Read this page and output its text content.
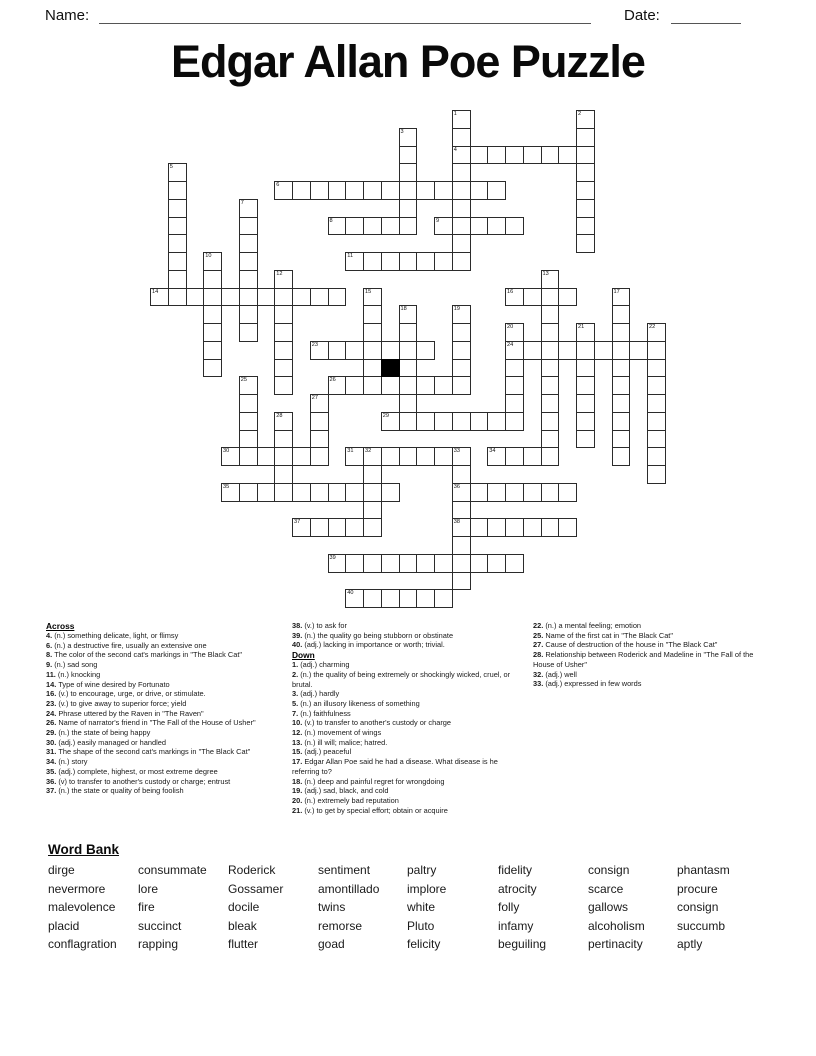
Name:	Date:
Edgar Allan Poe Puzzle
1
4
2
3
5
6
7
8	9
10	11
12	13
14	15	16	17
18	19
20
24
21	22
23
25	26
27
28	29
30	31 32	33
36
38
34
35
37
39
40
Across
4. (n.) something delicate, light, or flimsy
6. (n.) a destructive fire, usually an extensive one
8. The color of the second cat's markings in "The Black Cat"
9. (n.) sad song
11. (n.) knocking
14. Type of wine desired by Fortunato
16. (v.) to encourage, urge, or drive, or stimulate.
23. (v.) to give away to superior force; yield
24. Phrase uttered by the Raven in "The Raven"
26. Name of narrator's friend in "The Fall of the House of Usher"
29. (n.) the state of being happy
30. (adj.) easily managed or handled
31. The shape of the second cat's markings in "The Black Cat"
34. (n.) story
35. (adj.) complete, highest, or most extreme degree
36. (v) to transfer to another's custody or charge; entrust
37. (n.) the state or quality of being foolish
38. (v.) to ask for
39. (n.) the quality go being stubborn or obstinate
40. (adj.) lacking in importance or worth; trivial.
Down
1. (adj.) charming
2. (n.) the quality of being extremely or shockingly wicked, cruel, or brutal.
3. (adj.) hardly
5. (n.) an illusory likeness of something
7. (n.) faithfulness
10. (v.) to transfer to another's custody or charge
12. (n.) movement of wings
13. (n.) ill will; malice; hatred.
15. (adj.) peaceful
17. Edgar Allan Poe said he had a disease. What disease is he referring to?
18. (n.) deep and painful regret for wrongdoing
19. (adj.) sad, black, and cold
20. (n.) extremely bad reputation
21. (v.) to get by special effort; obtain or acquire
22. (n.) a mental feeling; emotion
25. Name of the first cat in "The Black Cat"
27. Cause of destruction of the house in "The Black Cat"
28. Relationship between Roderick and Madeline in "The Fall of the House of Usher"
32. (adj.) well
33. (adj.) expressed in few words
Word Bank
dirge	consummate	Roderick	sentiment	paltry	fidelity	consign	phantasm
nevermore	lore	Gossamer	amontillado	implore	atrocity	scarce	procure
malevolence	fire	docile	twins	white	folly	gallows	consign
placid	succinct	bleak	remorse	Pluto	infamy	alcoholism	succumb
conflagration	rapping	flutter	goad	felicity	beguiling	pertinacity	aptly
